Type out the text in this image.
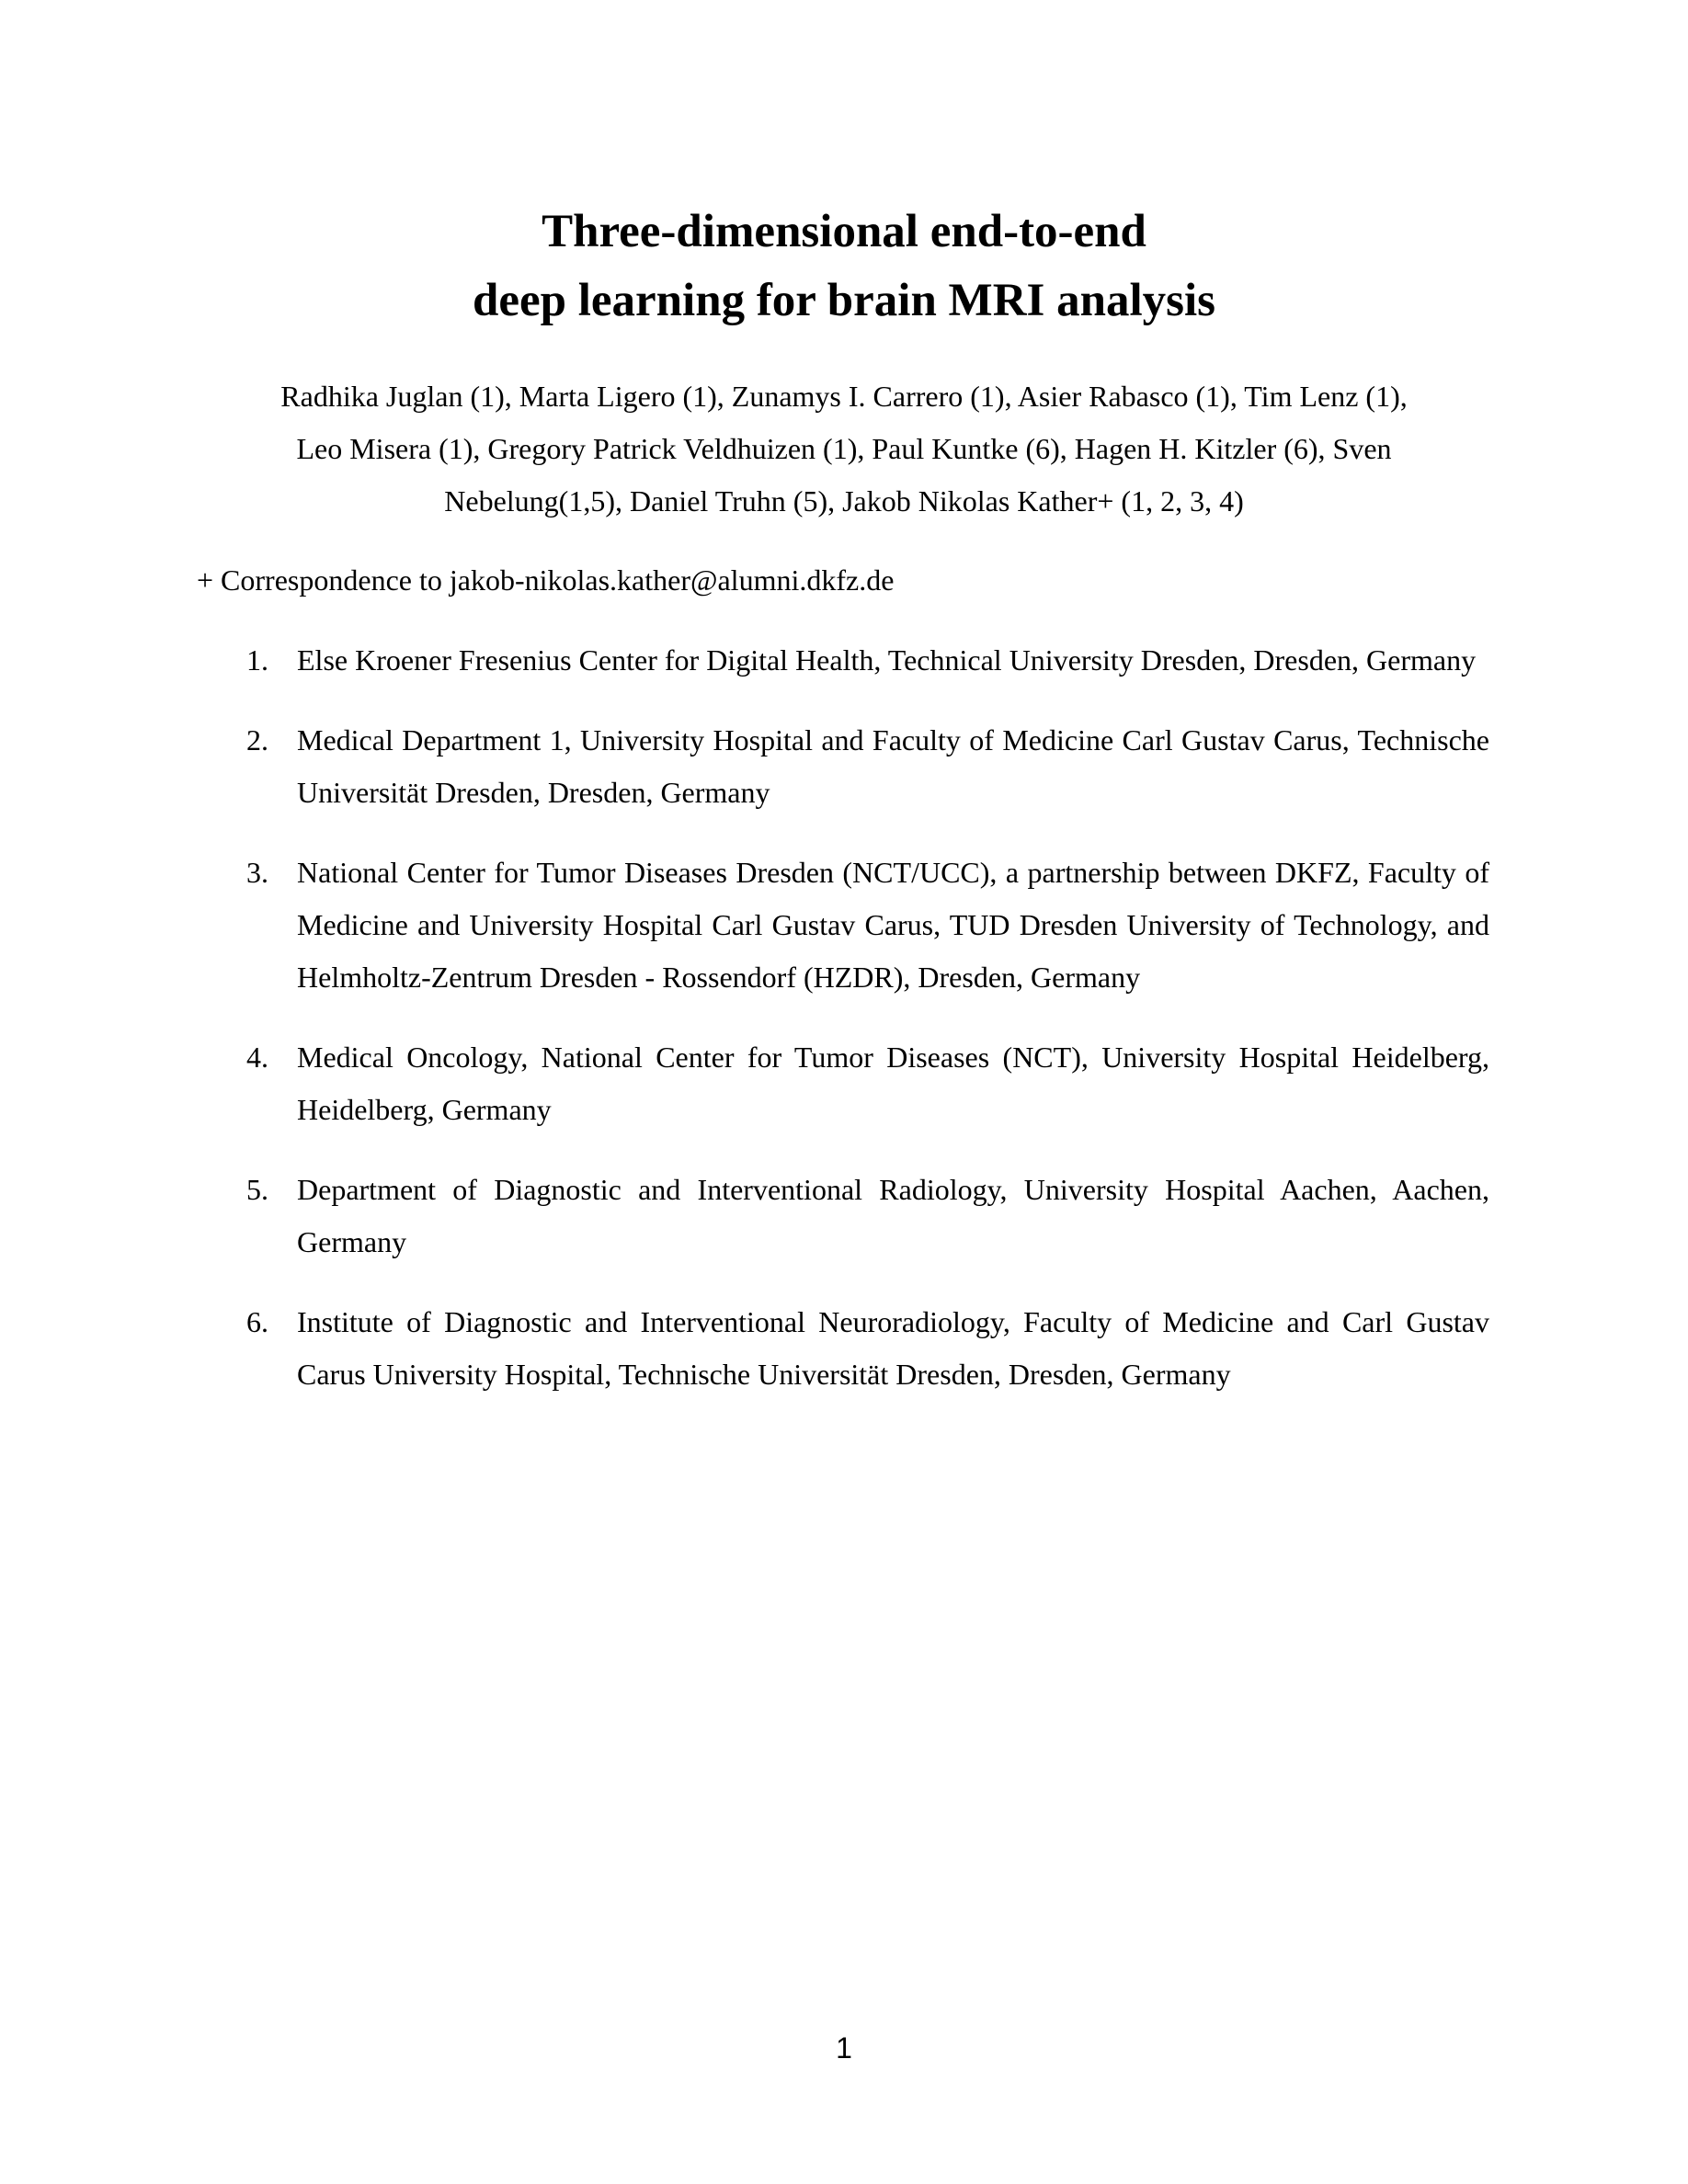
Three-dimensional end-to-end
deep learning for brain MRI analysis
Radhika Juglan (1), Marta Ligero (1), Zunamys I. Carrero (1), Asier Rabasco (1), Tim Lenz (1),
Leo Misera (1), Gregory Patrick Veldhuizen (1), Paul Kuntke (6), Hagen H. Kitzler (6), Sven
Nebelung(1,5), Daniel Truhn (5), Jakob Nikolas Kather+ (1, 2, 3, 4)
+ Correspondence to jakob-nikolas.kather@alumni.dkfz.de
1. Else Kroener Fresenius Center for Digital Health, Technical University Dresden, Dresden, Germany
2. Medical Department 1, University Hospital and Faculty of Medicine Carl Gustav Carus, Technische Universität Dresden, Dresden, Germany
3. National Center for Tumor Diseases Dresden (NCT/UCC), a partnership between DKFZ, Faculty of Medicine and University Hospital Carl Gustav Carus, TUD Dresden University of Technology, and Helmholtz-Zentrum Dresden - Rossendorf (HZDR), Dresden, Germany
4. Medical Oncology, National Center for Tumor Diseases (NCT), University Hospital Heidelberg, Heidelberg, Germany
5. Department of Diagnostic and Interventional Radiology, University Hospital Aachen, Aachen, Germany
6. Institute of Diagnostic and Interventional Neuroradiology, Faculty of Medicine and Carl Gustav Carus University Hospital, Technische Universität Dresden, Dresden, Germany
1
